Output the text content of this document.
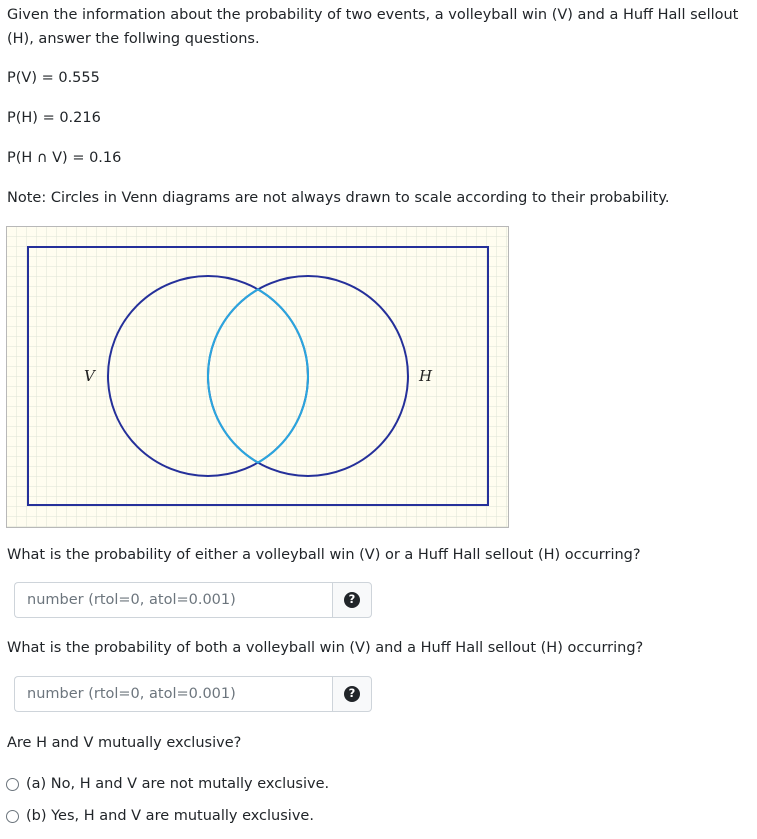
Given the information about the probability of two events, a volleyball win (V) and a Huff Hall sellout (H), answer the follwing questions.

P(V) = 0.555

P(H) = 0.216

P(H ∩ V) = 0.16

Note: Circles in Venn diagrams are not always drawn to scale according to their probability.

V	H

What is the probability of either a volleyball win (V) or a Huff Hall sellout (H) occurring?

number (rtol=0, atol=0.001)
?

What is the probability of both a volleyball win (V) and a Huff Hall sellout (H) occurring?

number (rtol=0, atol=0.001)
?

Are H and V mutually exclusive?

(a) No, H and V are not mutally exclusive.
(b) Yes, H and V are mutually exclusive.
